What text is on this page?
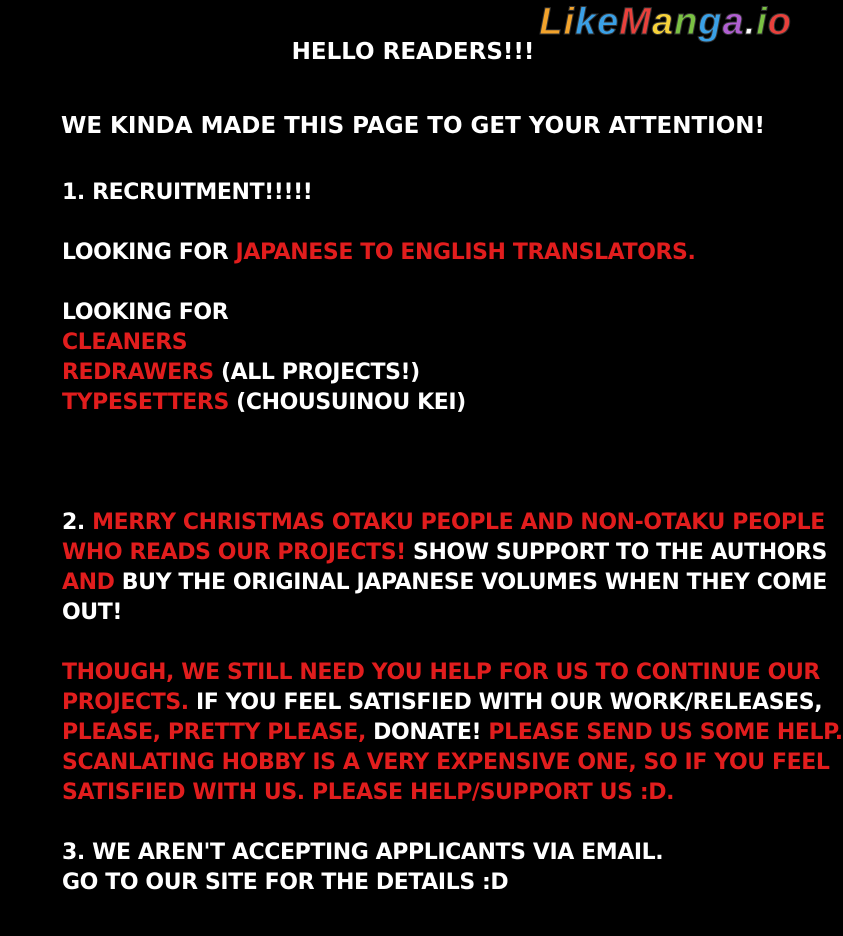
LikeManga.io
HELLO READERS!!!
WE KINDA MADE THIS PAGE TO GET YOUR ATTENTION!
1. RECRUITMENT!!!!!
LOOKING FOR JAPANESE TO ENGLISH TRANSLATORS.
LOOKING FOR
CLEANERS
REDRAWERS (ALL PROJECTS!)
TYPESETTERS (CHOUSUINOU KEI)
2. MERRY CHRISTMAS OTAKU PEOPLE AND NON-OTAKU PEOPLE
WHO READS OUR PROJECTS! SHOW SUPPORT TO THE AUTHORS
AND BUY THE ORIGINAL JAPANESE VOLUMES WHEN THEY COME
OUT!
THOUGH, WE STILL NEED YOU HELP FOR US TO CONTINUE OUR
PROJECTS. IF YOU FEEL SATISFIED WITH OUR WORK/RELEASES,
PLEASE, PRETTY PLEASE, DONATE! PLEASE SEND US SOME HELP.
SCANLATING HOBBY IS A VERY EXPENSIVE ONE, SO IF YOU FEEL
SATISFIED WITH US. PLEASE HELP/SUPPORT US :D.
3. WE AREN'T ACCEPTING APPLICANTS VIA EMAIL.
GO TO OUR SITE FOR THE DETAILS :D
